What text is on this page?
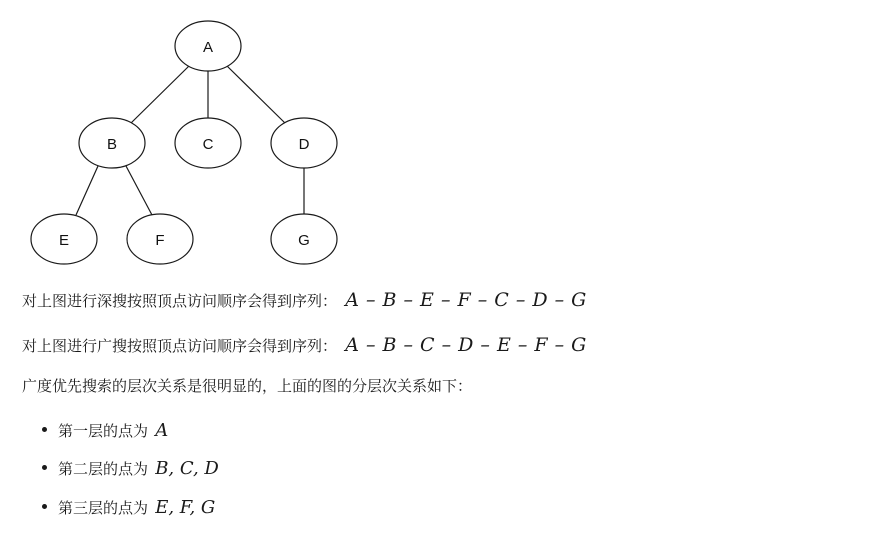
A
B	C	D
E	F	G

对上图进行深搜按照顶点访问顺序会得到序列： A – B – E – F – C – D – G

对上图进行广搜按照顶点访问顺序会得到序列： A – B – C – D – E – F – G

广度优先搜索的层次关系是很明显的，上面的图的分层次关系如下：

第一层的点为 A
第二层的点为 B, C, D
第三层的点为 E, F, G
